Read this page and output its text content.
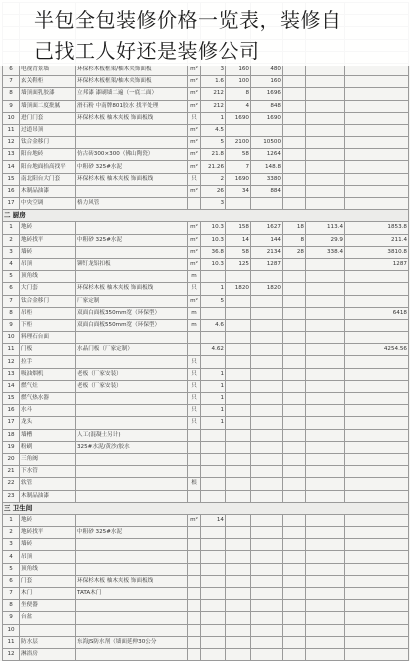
6	电视背景墙	环保杉木板框架/柚木夹饰面板	m²	3	160	480			
7	玄关鞋柜	环保杉木板框架/柚木夹饰面板	m²	1.6	100	160			
8	墙顶面乳胶漆	立邦漆 漆刷墙二遍（一底二面）	m²	212	8	1696			
9	墙顶面二度批腻	滑石粉 中南牌801胶水 找平处理	m²	212	4	848			
10	进门门套	环保杉木板 柚木夹板 饰面板线	只	1	1690	1690			
11	过道吊顶		m²	4.5					
12	钛合金移门		m²	5	2100	10500			
13	阳台地砖	仿古砖300×300（佛山陶瓷）	m²	21.8	58	1264			
14	阳台地面抬高找平	中粗砂 325#水泥	m²	21.26	7	148.8			
15	南北阳台大门套	环保杉木板 柚木夹板 饰面板线	只	2	1690	3380			
16	木制品油漆		m²	26	34	884			
17	中央空调	格力风管		3					
二 厨房									
1	地砖		m²	10.3	158	1627	18	113.4	1853.8
2	地砖找平	中粗砂 325#水泥	m²	10.3	14	144	8	29.9	211.4
3	墙砖		m²	36.8	58	2134	28	338.4	3810.8
4	吊顶	铆钉龙铝扣板	m²	10.3	125	1287			1287
5	顶角线		m						
6	大门套	环保杉木板 柚木夹板 饰面板线	只	1	1820	1820			
7	钛合金移门	厂家定制	m²	5					
8	吊柜	双面白面板350mm宽（环保型）	m						6418
9	下柜	双面白面板550mm宽（环保型）	m	4.6					
10	料理石台面								
11	门板	水晶门板（厂家定制）		4.62					4254.56
12	拉手		只						
13	吸油烟机	老板（厂家安装）	只	1					
14	燃气灶	老板（厂家安装）	只	1					
15	燃气热水器		只	1					
16	水斗		只	1					
17	龙头		只	1					
18	墙槽	人工(混凝土另计)							
19	粉刷	325#水泥/黄沙/胶水							
20	三角阀								
21	下水管								
22	软管		根						
23	木制品油漆								
三 卫生间									
1	地砖		m²	14					
2	地砖找平	中粗砂 325#水泥							
3	墙砖								
4	吊顶								
5	顶角线								
6	门套	环保杉木板 柚木夹板 饰面板线							
7	木门	TATA木门							
8	坐便器								
9	台盆								
10									
11	防水层	东海JS防水剂（墙面延伸30公分							
12	淋浴房								
半包全包装修价格一览表，装修自
己找工人好还是装修公司
